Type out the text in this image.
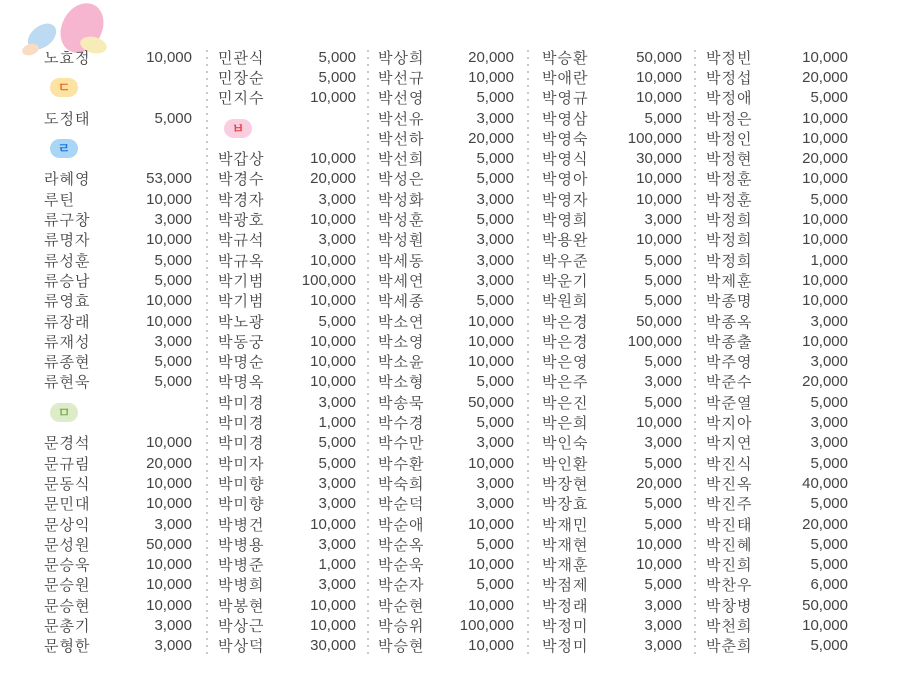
노효정	10,000
ㄷ
도정태	5,000
ㄹ
라혜영	53,000
루틴	10,000
류구창	3,000
류명자	10,000
류성훈	5,000
류승남	5,000
류영효	10,000
류장래	10,000
류재성	3,000
류종현	5,000
류현욱	5,000
ㅁ
문경석	10,000
문규림	20,000
문동식	10,000
문민대	10,000
문상익	3,000
문성원	50,000
문승욱	10,000
문승원	10,000
문승현	10,000
문총기	3,000
문형한	3,000
민관식	5,000
민장순	5,000
민지수	10,000
ㅂ
박갑상	10,000
박경수	20,000
박경자	3,000
박광호	10,000
박규석	3,000
박규옥	10,000
박기범 100,000
박기범	10,000
박노광	5,000
박동궁	10,000
박명순	10,000
박명옥	10,000
박미경	3,000
박미경	1,000
박미경	5,000
박미자	5,000
박미향	3,000
박미향	3,000
박병건	10,000
박병용	3,000
박병준	1,000
박병희	3,000
박봉현	10,000
박상근	10,000
박상덕	30,000
박상희	20,000
박선규	10,000
박선영	5,000
박선유	3,000
박선하	20,000
박선희	5,000
박성은	5,000
박성화	3,000
박성훈	5,000
박성훤	3,000
박세동	3,000
박세연	3,000
박세종	5,000
박소연	10,000
박소영	10,000
박소윤	10,000
박소형	5,000
박송묵	50,000
박수경	5,000
박수만	3,000
박수환	10,000
박숙희	3,000
박순덕	3,000
박순애	10,000
박순옥	5,000
박순욱	10,000
박순자	5,000
박순현	10,000
박승위 100,000
박승현	10,000
박승환	50,000
박애란	10,000
박영규	10,000
박영삼	5,000
박영숙	100,000
박영식	30,000
박영아	10,000
박영자	10,000
박영희	3,000
박용완	10,000
박우준	5,000
박운기	5,000
박원희	5,000
박은경	50,000
박은경	100,000
박은영	5,000
박은주	3,000
박은진	5,000
박은희	10,000
박인숙	3,000
박인환	5,000
박장현	20,000
박장효	5,000
박재민	5,000
박재현	10,000
박재훈	10,000
박점제	5,000
박정래	3,000
박정미	3,000
박정미	3,000
박정빈	10,000
박정섭	20,000
박정애	5,000
박정은	10,000
박정인	10,000
박정현	20,000
박정훈	10,000
박정훈	5,000
박정희	10,000
박정희	10,000
박정희	1,000
박제훈	10,000
박종명	10,000
박종옥	3,000
박종출	10,000
박주영	3,000
박준수	20,000
박준열	5,000
박지아	3,000
박지연	3,000
박진식	5,000
박진옥	40,000
박진주	5,000
박진태	20,000
박진혜	5,000
박진희	5,000
박찬우	6,000
박창병	50,000
박천희	10,000
박춘희	5,000
